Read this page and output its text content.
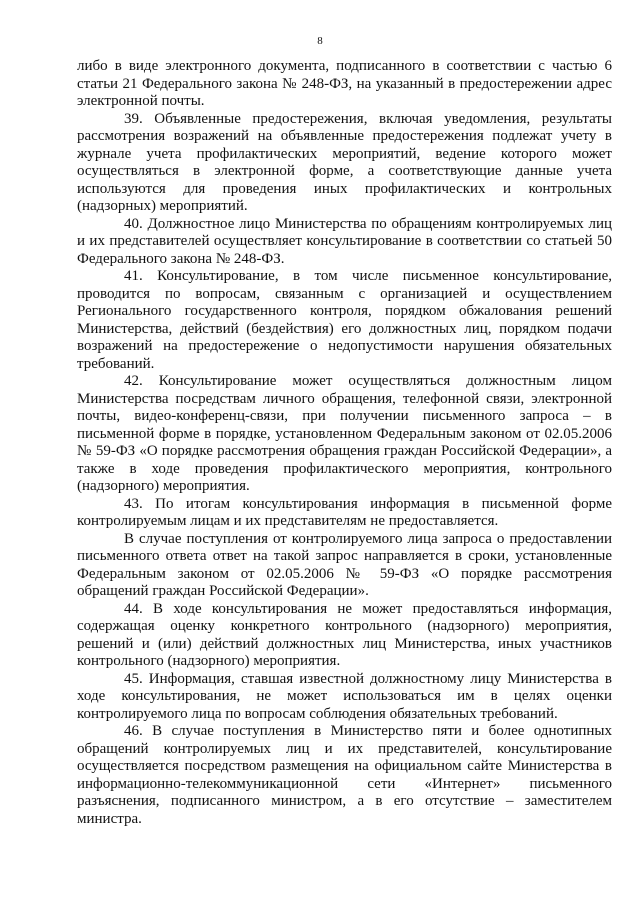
8

либо в виде электронного документа, подписанного в соответствии с частью 6 статьи 21 Федерального закона № 248-ФЗ, на указанный в предостережении адрес электронной почты.

39. Объявленные предостережения, включая уведомления, результаты рассмотрения возражений на объявленные предостережения подлежат учету в журнале учета профилактических мероприятий, ведение которого может осуществляться в электронной форме, а соответствующие данные учета используются для проведения иных профилактических и контрольных (надзорных) мероприятий.

40. Должностное лицо Министерства по обращениям контролируемых лиц и их представителей осуществляет консультирование в соответствии со статьей 50 Федерального закона № 248-ФЗ.

41. Консультирование, в том числе письменное консультирование, проводится по вопросам, связанным с организацией и осуществлением Регионального государственного контроля, порядком обжалования решений Министерства, действий (бездействия) его должностных лиц, порядком подачи возражений на предостережение о недопустимости нарушения обязательных требований.

42. Консультирование может осуществляться должностным лицом Министерства посредствам личного обращения, телефонной связи, электронной почты, видео-конференц-связи, при получении письменного запроса – в письменной форме в порядке, установленном Федеральным законом от 02.05.2006 № 59-ФЗ «О порядке рассмотрения обращения граждан Российской Федерации», а  также в ходе проведения профилактического мероприятия, контрольного (надзорного) мероприятия.

43. По итогам консультирования информация в письменной форме контролируемым лицам и их представителям не предоставляется.

В случае поступления от контролируемого лица запроса о предоставлении письменного ответа ответ на такой запрос направляется в сроки, установленные Федеральным законом от 02.05.2006 № 59-ФЗ «О порядке рассмотрения обращений граждан Российской Федерации».

44. В ходе консультирования не может предоставляться информация, содержащая оценку конкретного контрольного (надзорного) мероприятия, решений и (или) действий должностных лиц Министерства, иных участников контрольного (надзорного) мероприятия.

45. Информация, ставшая известной должностному лицу Министерства в ходе консультирования, не может использоваться им в целях оценки контролируемого лица по вопросам соблюдения обязательных требований.

46. В случае поступления в Министерство пяти и более однотипных обращений контролируемых лиц и их представителей, консультирование осуществляется посредством размещения на официальном сайте Министерства в информационно-телекоммуникационной сети «Интернет» письменного разъяснения, подписанного министром, а в его отсутствие – заместителем министра.
